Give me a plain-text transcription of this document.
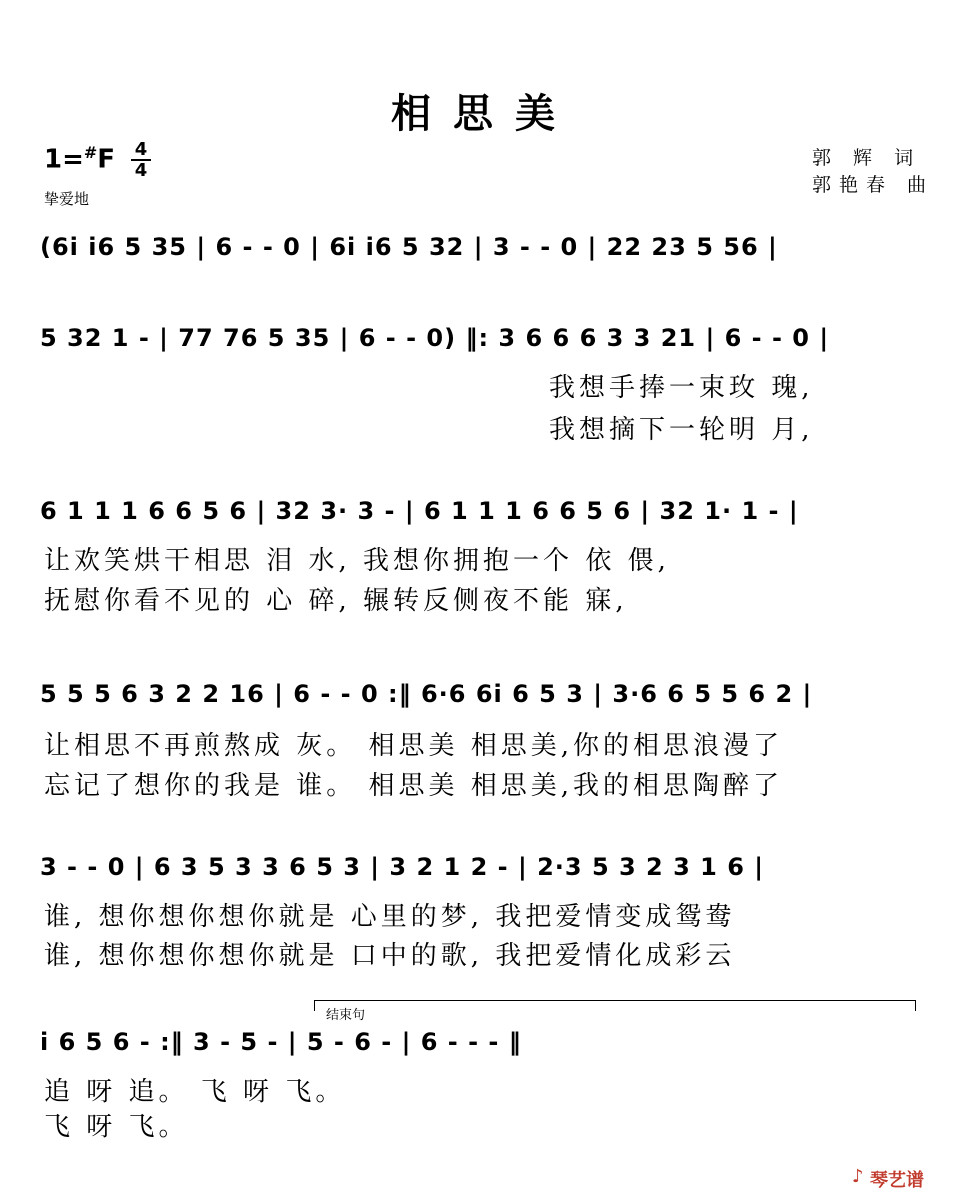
相思美
1=#F 4
4
挚爱地
郭 辉 词
郭艳春 曲
(6i i6 5 35 | 6 - - 0 | 6i i6 5 32 | 3 - - 0 | 22 23 5 56 |
5 32 1 - | 77 76 5 35 | 6 - - 0) ‖: 3 6 6 6 3 3 21 | 6 - - 0 |
我想手捧一束玫 瑰,
我想摘下一轮明 月,
6 1 1 1 6 6 5 6 | 32 3· 3 - | 6 1 1 1 6 6 5 6 | 32 1· 1 - |
让欢笑烘干相思 泪 水, 我想你拥抱一个 依 偎,
抚慰你看不见的 心 碎, 辗转反侧夜不能 寐,
5 5 5 6 3 2 2 16 | 6 - - 0 :‖ 6·6 6i 6 5 3 | 3·6 6 5 5 6 2 |
让相思不再煎熬成 灰。 相思美 相思美,你的相思浪漫了
忘记了想你的我是 谁。 相思美 相思美,我的相思陶醉了
3 - - 0 | 6 3 5 3 3 6 5 3 | 3 2 1 2 - | 2·3 5 3 2 3 1 6 |
谁, 想你想你想你就是 心里的梦, 我把爱情变成鸳鸯
谁, 想你想你想你就是 口中的歌, 我把爱情化成彩云
结束句
i 6 5 6 - :‖ 3 - 5 - | 5 - 6 - | 6 - - - ‖
追 呀 追。 飞 呀 飞。
飞 呀 飞。
♪ 琴艺谱
